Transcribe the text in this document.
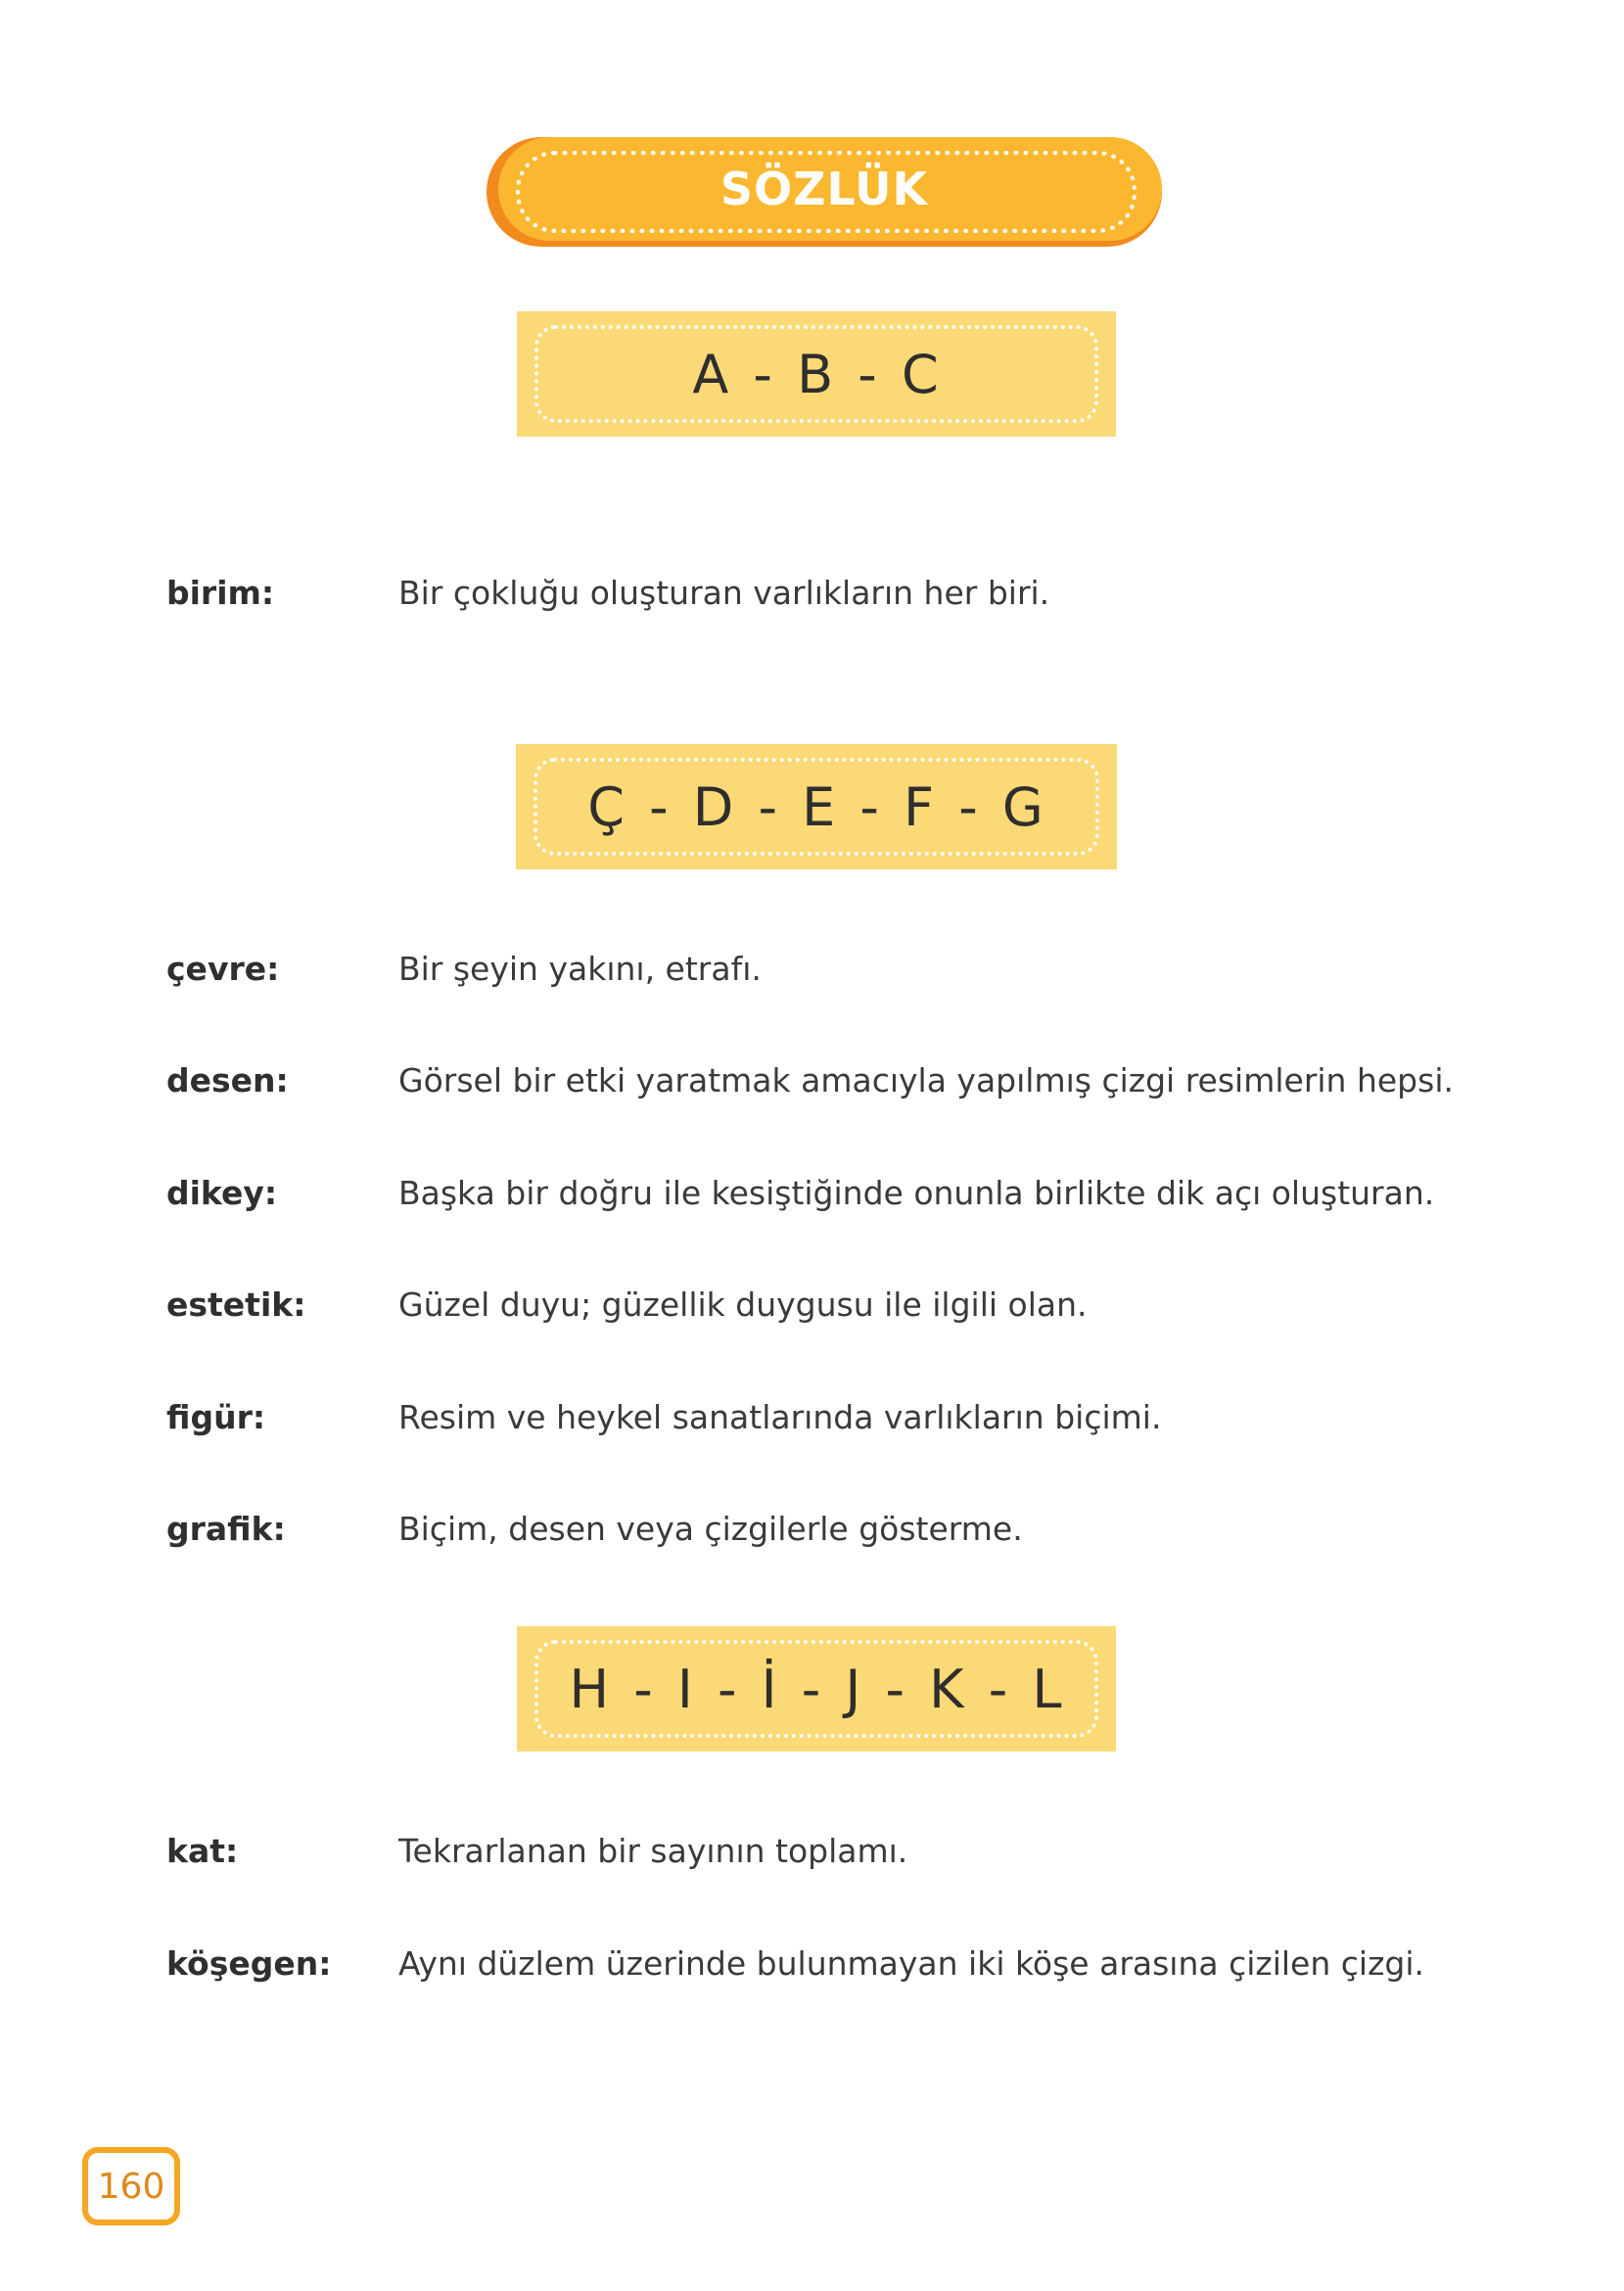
SÖZLÜK
A - B - C
birim:	Bir çokluğu oluşturan varlıkların her biri.
Ç - D - E - F - G
çevre:	Bir şeyin yakını, etrafı.
desen:	Görsel bir etki yaratmak amacıyla yapılmış çizgi resimlerin hepsi.
dikey:	Başka bir doğru ile kesiştiğinde onunla birlikte dik açı oluşturan.
estetik:	Güzel duyu; güzellik duygusu ile ilgili olan.
figür:	Resim ve heykel sanatlarında varlıkların biçimi.
grafik:	Biçim, desen veya çizgilerle gösterme.
H - I - İ - J - K - L
kat:	Tekrarlanan bir sayının toplamı.
köşegen: Aynı düzlem üzerinde bulunmayan iki köşe arasına çizilen çizgi.
160
